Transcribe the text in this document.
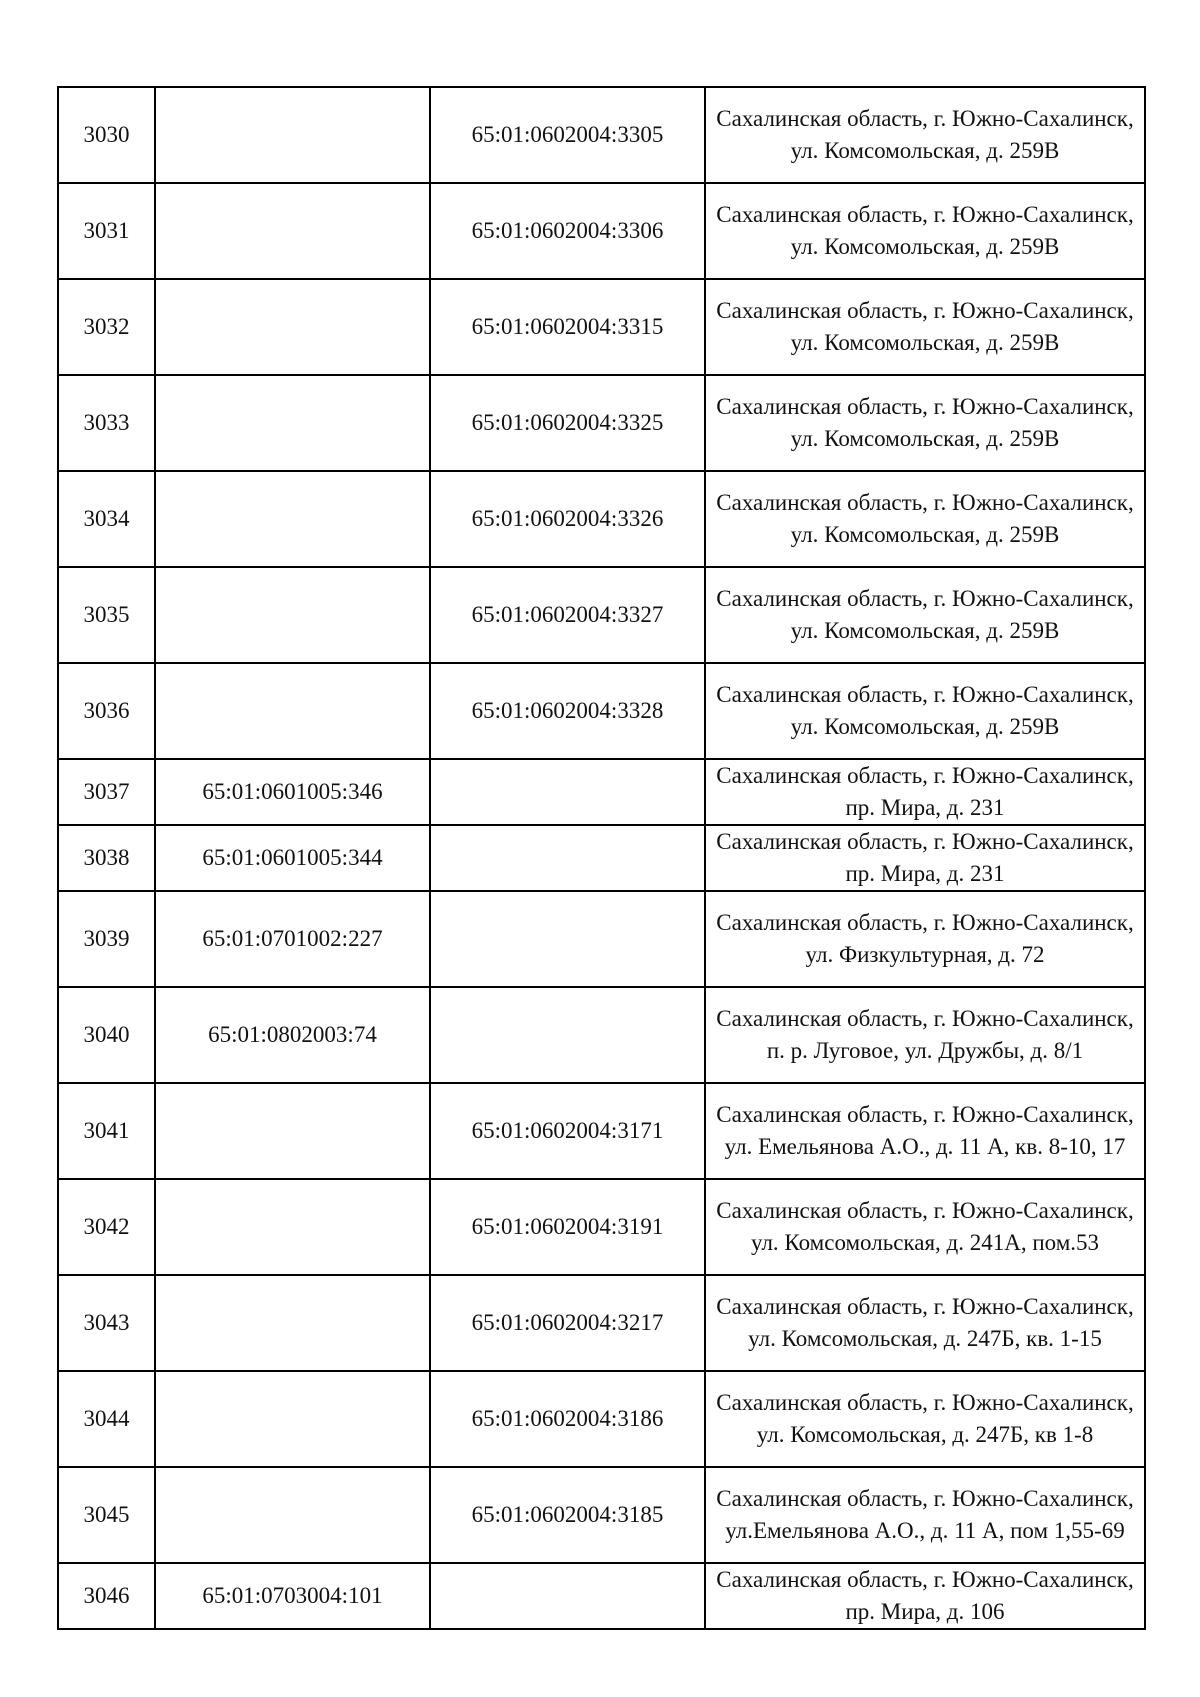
3030		65:01:0602004:3305	Сахалинская область, г. Южно-Сахалинск, ул. Комсомольская, д. 259В
3031		65:01:0602004:3306	Сахалинская область, г. Южно-Сахалинск, ул. Комсомольская, д. 259В
3032		65:01:0602004:3315	Сахалинская область, г. Южно-Сахалинск, ул. Комсомольская, д. 259В
3033		65:01:0602004:3325	Сахалинская область, г. Южно-Сахалинск, ул. Комсомольская, д. 259В
3034		65:01:0602004:3326	Сахалинская область, г. Южно-Сахалинск, ул. Комсомольская, д. 259В
3035		65:01:0602004:3327	Сахалинская область, г. Южно-Сахалинск, ул. Комсомольская, д. 259В
3036		65:01:0602004:3328	Сахалинская область, г. Южно-Сахалинск, ул. Комсомольская, д. 259В
3037	65:01:0601005:346		Сахалинская область, г. Южно-Сахалинск, пр. Мира, д. 231
3038	65:01:0601005:344		Сахалинская область, г. Южно-Сахалинск, пр. Мира, д. 231
3039	65:01:0701002:227		Сахалинская область, г. Южно-Сахалинск, ул. Физкультурная, д. 72
3040	65:01:0802003:74		Сахалинская область, г. Южно-Сахалинск, п. р. Луговое, ул. Дружбы, д. 8/1
3041		65:01:0602004:3171	Сахалинская область, г. Южно-Сахалинск, ул. Емельянова А.О., д. 11 А, кв. 8-10, 17
3042		65:01:0602004:3191	Сахалинская область, г. Южно-Сахалинск, ул. Комсомольская, д. 241А, пом.53
3043		65:01:0602004:3217	Сахалинская область, г. Южно-Сахалинск, ул. Комсомольская, д. 247Б, кв. 1-15
3044		65:01:0602004:3186	Сахалинская область, г. Южно-Сахалинск, ул. Комсомольская, д. 247Б, кв 1-8
3045		65:01:0602004:3185	Сахалинская область, г. Южно-Сахалинск, ул.Емельянова А.О., д. 11 А, пом 1,55-69
3046	65:01:0703004:101		Сахалинская область, г. Южно-Сахалинск, пр. Мира, д. 106
